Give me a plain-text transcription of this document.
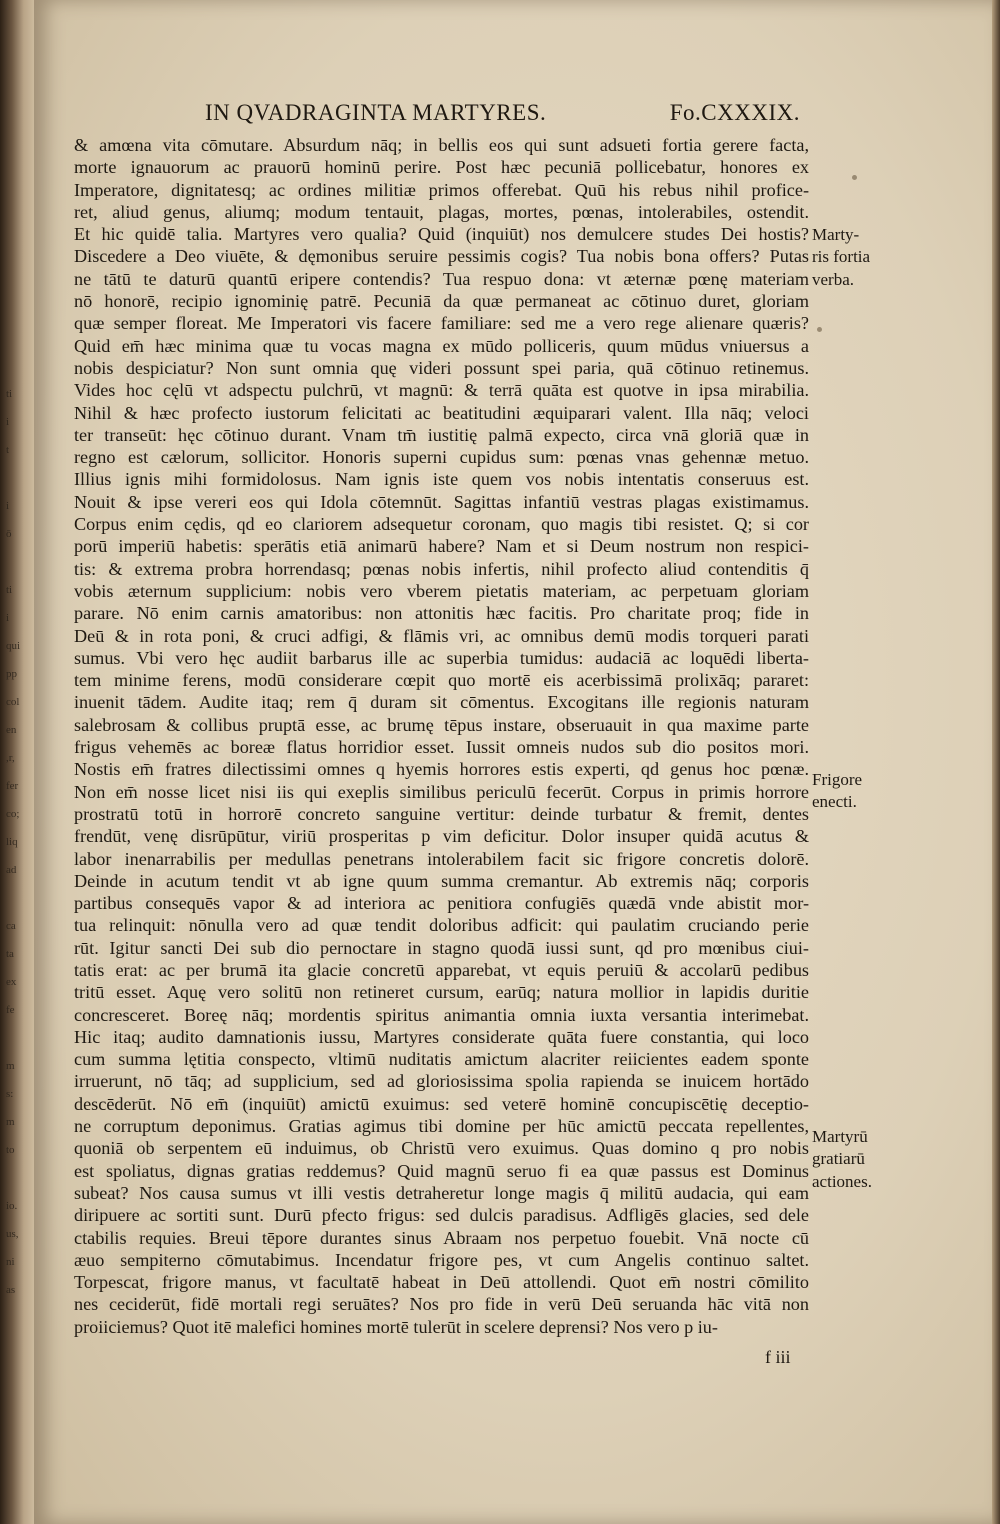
ti
i
t

i
ō

ti
i
qui
pp
col
en
,r,
fer
co;
liq
ad

ca
ta
ex
fe

m
s:
m
to

io.
us,
ni
as
IN QVADRAGINTA MARTYRES.	Fo.CXXXIX.
& amœna vita cōmutare. Absurdum nāq; in bellis eos qui sunt adsueti fortia gerere facta,
morte ignauorum ac prauorū hominū perire. Post hæc pecuniā pollicebatur, honores ex
Imperatore, dignitatesq; ac ordines militiæ primos offerebat. Quū his rebus nihil profice-
ret, aliud genus, aliumq; modum tentauit, plagas, mortes, pœnas, intolerabiles, ostendit.
Et hic quidē talia. Martyres vero qualia? Quid (inquiūt) nos demulcere studes Dei hostis?
Discedere a Deo viuēte, & dęmonibus seruire pessimis cogis? Tua nobis bona offers? Putas
ne tātū te daturū quantū eripere contendis? Tua respuo dona: vt æternæ pœnę materiam
nō honorē, recipio ignominię patrē. Pecuniā da quæ permaneat ac cōtinuo duret, gloriam
quæ semper floreat. Me Imperatori vis facere familiare: sed me a vero rege alienare quæris?
Quid em̄ hæc minima quæ tu vocas magna ex mūdo polliceris, quum mūdus vniuersus a
nobis despiciatur? Non sunt omnia quę videri possunt spei paria, quā cōtinuo retinemus.
Vides hoc cęlū vt adspectu pulchrū, vt magnū: & terrā quāta est quotve in ipsa mirabilia.
Nihil & hæc profecto iustorum felicitati ac beatitudini æquiparari valent. Illa nāq; veloci
ter transeūt: hęc cōtinuo durant. Vnam tm̄ iustitię palmā expecto, circa vnā gloriā quæ in
regno est cælorum, sollicitor. Honoris superni cupidus sum: pœnas vnas gehennæ metuo.
Illius ignis mihi formidolosus. Nam ignis iste quem vos nobis intentatis conseruus est.
Nouit & ipse vereri eos qui Idola cōtemnūt. Sagittas infantiū vestras plagas existimamus.
Corpus enim cędis, qd eo clariorem adsequetur coronam, quo magis tibi resistet. Q; si cor
porū imperiū habetis: sperātis etiā animarū habere? Nam et si Deum nostrum non respici-
tis: & extrema probra horrendasq; pœnas nobis infertis, nihil profecto aliud contenditis q̄
vobis æternum supplicium: nobis vero vberem pietatis materiam, ac perpetuam gloriam
parare. Nō enim carnis amatoribus: non attonitis hæc facitis. Pro charitate proq; fide in
Deū & in rota poni, & cruci adfigi, & flāmis vri, ac omnibus demū modis torqueri parati
sumus. Vbi vero hęc audiit barbarus ille ac superbia tumidus: audaciā ac loquēdi liberta-
tem minime ferens, modū considerare cœpit quo mortē eis acerbissimā prolixāq; pararet:
inuenit tādem. Audite itaq; rem q̄ duram sit cōmentus. Excogitans ille regionis naturam
salebrosam & collibus pruptā esse, ac brumę tēpus instare, obseruauit in qua maxime parte
frigus vehemēs ac boreæ flatus horridior esset. Iussit omneis nudos sub dio positos mori.
Nostis em̄ fratres dilectissimi omnes q hyemis horrores estis experti, qd genus hoc pœnæ.
Non em̄ nosse licet nisi iis qui exeplis similibus periculū fecerūt. Corpus in primis horrore
prostratū totū in horrorē concreto sanguine vertitur: deinde turbatur & fremit, dentes
frendūt, venę disrūpūtur, viriū prosperitas p vim deficitur. Dolor insuper quidā acutus &
labor inenarrabilis per medullas penetrans intolerabilem facit sic frigore concretis dolorē.
Deinde in acutum tendit vt ab igne quum summa cremantur. Ab extremis nāq; corporis
partibus consequēs vapor & ad interiora ac penitiora confugiēs quædā vnde abistit mor-
tua relinquit: nōnulla vero ad quæ tendit doloribus adficit: qui paulatim cruciando perie
rūt. Igitur sancti Dei sub dio pernoctare in stagno quodā iussi sunt, qd pro mœnibus ciui-
tatis erat: ac per brumā ita glacie concretū apparebat, vt equis peruiū & accolarū pedibus
tritū esset. Aquę vero solitū non retineret cursum, earūq; natura mollior in lapidis duritie
concresceret. Boreę nāq; mordentis spiritus animantia omnia iuxta versantia interimebat.
Hic itaq; audito damnationis iussu, Martyres considerate quāta fuere constantia, qui loco
cum summa lętitia conspecto, vltimū nuditatis amictum alacriter reiicientes eadem sponte
irruerunt, nō tāq; ad supplicium, sed ad gloriosissima spolia rapienda se inuicem hortādo
descēderūt. Nō em̄ (inquiūt) amictū exuimus: sed veterē hominē concupiscētię deceptio-
ne corruptum deponimus. Gratias agimus tibi domine per hūc amictū peccata repellentes,
quoniā ob serpentem eū induimus, ob Christū vero exuimus. Quas domino q pro nobis
est spoliatus, dignas gratias reddemus? Quid magnū seruo fi ea quæ passus est Dominus
subeat? Nos causa sumus vt illi vestis detraheretur longe magis q̄ militū audacia, qui eam
diripuere ac sortiti sunt. Durū pfecto frigus: sed dulcis paradisus. Adfligēs glacies, sed dele
ctabilis requies. Breui tēpore durantes sinus Abraam nos perpetuo fouebit. Vnā nocte cū
æuo sempiterno cōmutabimus. Incendatur frigore pes, vt cum Angelis continuo saltet.
Torpescat, frigore manus, vt facultatē habeat in Deū attollendi. Quot em̄ nostri cōmilito
nes ceciderūt, fidē mortali regi seruātes? Nos pro fide in verū Deū seruanda hāc vitā non
proiiciemus? Quot itē malefici homines mortē tulerūt in scelere deprensi? Nos vero p iu-
Marty-
ris fortia
verba.
Frigore
enecti.
Martyrū
gratiarū
actiones.
f iii
